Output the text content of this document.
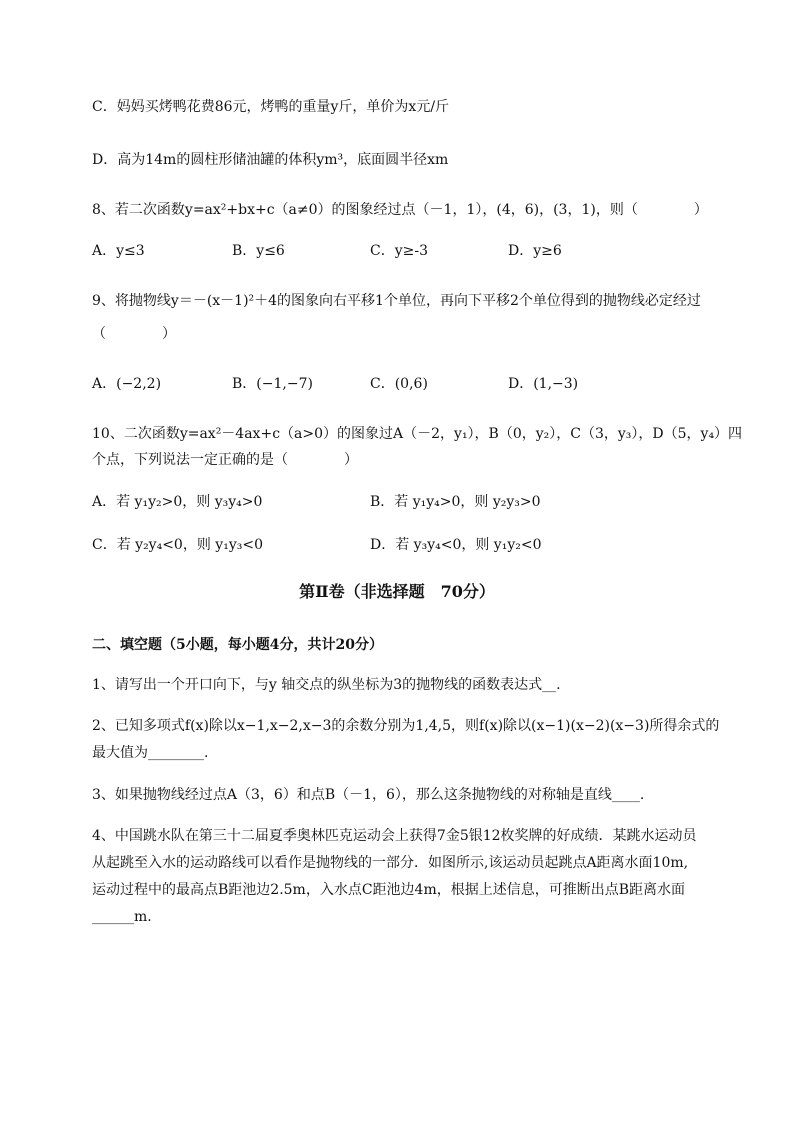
C．妈妈买烤鸭花费86元，烤鸭的重量y斤，单价为x元/斤
D．高为14m的圆柱形储油罐的体积ym³，底面圆半径xm
8、若二次函数y=ax²+bx+c（a≠0）的图象经过点（－1，1），(4，6)，(3，1)，则（　　　　）
A．y≤3	B．y≤6	C．y≥-3	D．y≥6
9、将抛物线y＝－(x－1)²＋4的图象向右平移1个单位，再向下平移2个单位得到的抛物线必定经过
（　　　　）
A．(−2,2)	B．(−1,−7)	C．(0,6)	D．(1,−3)
10、二次函数y=ax²－4ax+c（a>0）的图象过A（－2，y₁），B（0，y₂），C（3，y₃），D（5，y₄）四
个点，下列说法一定正确的是（　　　　）
A．若 y₁y₂>0，则 y₃y₄>0	B．若 y₁y₄>0，则 y₂y₃>0
C．若 y₂y₄<0，则 y₁y₃<0	D．若 y₃y₄<0，则 y₁y₂<0
第Ⅱ卷（非选择题　70分）
二、填空题（5小题，每小题4分，共计20分）
1、请写出一个开口向下，与y 轴交点的纵坐标为3的抛物线的函数表达式__.
2、已知多项式f(x)除以x−1,x−2,x−3的余数分别为1,4,5，则f(x)除以(x−1)(x−2)(x−3)所得余式的
最大值为________.
3、如果抛物线经过点A（3，6）和点B（－1，6），那么这条抛物线的对称轴是直线____.
4、中国跳水队在第三十二届夏季奥林匹克运动会上获得7金5银12枚奖牌的好成绩．某跳水运动员
从起跳至入水的运动路线可以看作是抛物线的一部分．如图所示,该运动员起跳点A距离水面10m,
运动过程中的最高点B距池边2.5m，入水点C距池边4m，根据上述信息，可推断出点B距离水面
______m.
